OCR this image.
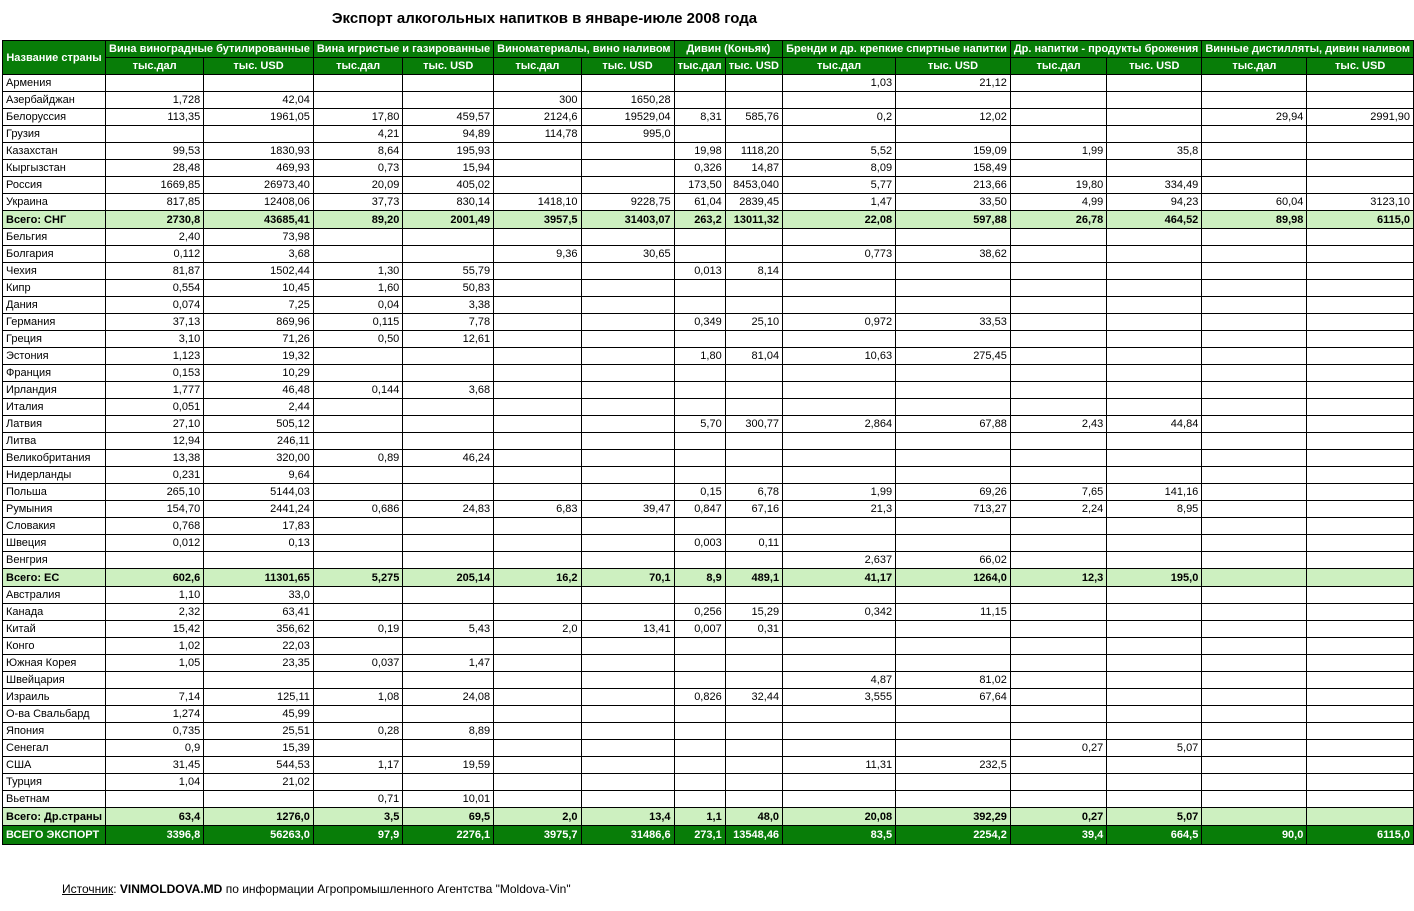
Экспорт алкогольных напитков в январе-июле 2008 года
Название страны	Вина виноградные бутилированные		Вина игристые и газированные		Виноматериалы, вино наливом		Дивин (Коньяк)		Бренди и др. крепкие спиртные напитки		Др. напитки - продукты брожения		Винные дистилляты, дивин наливом	
	тыс.дал	тыс. USD	тыс.дал	тыс. USD	тыс.дал	тыс. USD	тыс.дал	тыс. USD	тыс.дал	тыс. USD	тыс.дал	тыс. USD	тыс.дал	тыс. USD
Армения									1,03	21,12				
Азербайджан	1,728	42,04			300	1650,28								
Белоруссия	113,35	1961,05	17,80	459,57	2124,6	19529,04	8,31	585,76	0,2	12,02			29,94	2991,90
Грузия			4,21	94,89	114,78	995,0								
Казахстан	99,53	1830,93	8,64	195,93			19,98	1118,20	5,52	159,09	1,99	35,8		
Кыргызстан	28,48	469,93	0,73	15,94			0,326	14,87	8,09	158,49				
Россия	1669,85	26973,40	20,09	405,02			173,50	8453,040	5,77	213,66	19,80	334,49		
Украина	817,85	12408,06	37,73	830,14	1418,10	9228,75	61,04	2839,45	1,47	33,50	4,99	94,23	60,04	3123,10
Всего: СНГ	2730,8	43685,41	89,20	2001,49	3957,5	31403,07	263,2	13011,32	22,08	597,88	26,78	464,52	89,98	6115,0
Бельгия	2,40	73,98												
Болгария	0,112	3,68			9,36	30,65			0,773	38,62				
Чехия	81,87	1502,44	1,30	55,79			0,013	8,14						
Кипр	0,554	10,45	1,60	50,83										
Дания	0,074	7,25	0,04	3,38										
Германия	37,13	869,96	0,115	7,78			0,349	25,10	0,972	33,53				
Греция	3,10	71,26	0,50	12,61										
Эстония	1,123	19,32					1,80	81,04	10,63	275,45				
Франция	0,153	10,29												
Ирландия	1,777	46,48	0,144	3,68										
Италия	0,051	2,44												
Латвия	27,10	505,12					5,70	300,77	2,864	67,88	2,43	44,84		
Литва	12,94	246,11												
Великобритания	13,38	320,00	0,89	46,24										
Нидерланды	0,231	9,64												
Польша	265,10	5144,03					0,15	6,78	1,99	69,26	7,65	141,16		
Румыния	154,70	2441,24	0,686	24,83	6,83	39,47	0,847	67,16	21,3	713,27	2,24	8,95		
Словакия	0,768	17,83												
Швеция	0,012	0,13					0,003	0,11						
Венгрия									2,637	66,02				
Всего: ЕС	602,6	11301,65	5,275	205,14	16,2	70,1	8,9	489,1	41,17	1264,0	12,3	195,0		
Австралия	1,10	33,0												
Канада	2,32	63,41					0,256	15,29	0,342	11,15				
Китай	15,42	356,62	0,19	5,43	2,0	13,41	0,007	0,31						
Конго	1,02	22,03												
Южная Корея	1,05	23,35	0,037	1,47										
Швейцария									4,87	81,02				
Израиль	7,14	125,11	1,08	24,08			0,826	32,44	3,555	67,64				
О-ва Свальбард	1,274	45,99												
Япония	0,735	25,51	0,28	8,89										
Сенегал	0,9	15,39									0,27	5,07		
США	31,45	544,53	1,17	19,59					11,31	232,5				
Турция	1,04	21,02												
Вьетнам			0,71	10,01										
Всего: Др.страны	63,4	1276,0	3,5	69,5	2,0	13,4	1,1	48,0	20,08	392,29	0,27	5,07		
ВСЕГО ЭКСПОРТ	3396,8	56263,0	97,9	2276,1	3975,7	31486,6	273,1	13548,46	83,5	2254,2	39,4	664,5	90,0	6115,0
Источник: VINMOLDOVA.MD по информации Агропромышленного Агентства "Moldova-Vin"
